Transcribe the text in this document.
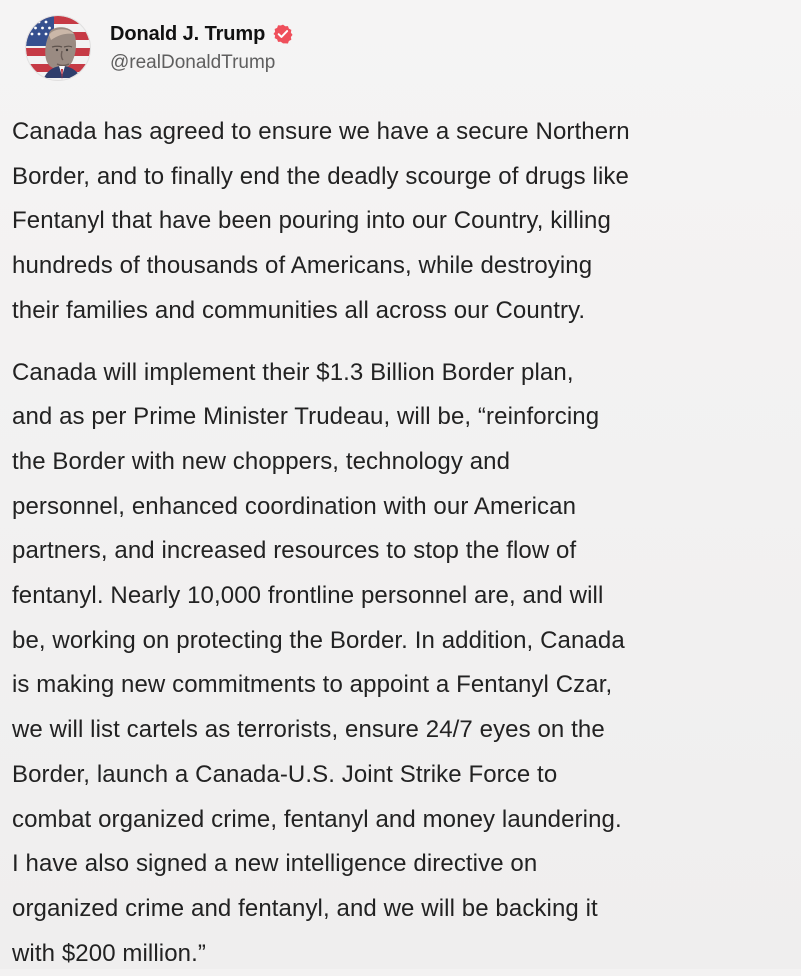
Donald J. Trump
@realDonaldTrump

Canada has agreed to ensure we have a secure Northern
Border, and to finally end the deadly scourge of drugs like
Fentanyl that have been pouring into our Country, killing
hundreds of thousands of Americans, while destroying
their families and communities all across our Country.

Canada will implement their $1.3 Billion Border plan,
and as per Prime Minister Trudeau, will be, “reinforcing
the Border with new choppers, technology and
personnel, enhanced coordination with our American
partners, and increased resources to stop the flow of
fentanyl. Nearly 10,000 frontline personnel are, and will
be, working on protecting the Border. In addition, Canada
is making new commitments to appoint a Fentanyl Czar,
we will list cartels as terrorists, ensure 24/7 eyes on the
Border, launch a Canada-U.S. Joint Strike Force to
combat organized crime, fentanyl and money laundering.
I have also signed a new intelligence directive on
organized crime and fentanyl, and we will be backing it
with $200 million.”
